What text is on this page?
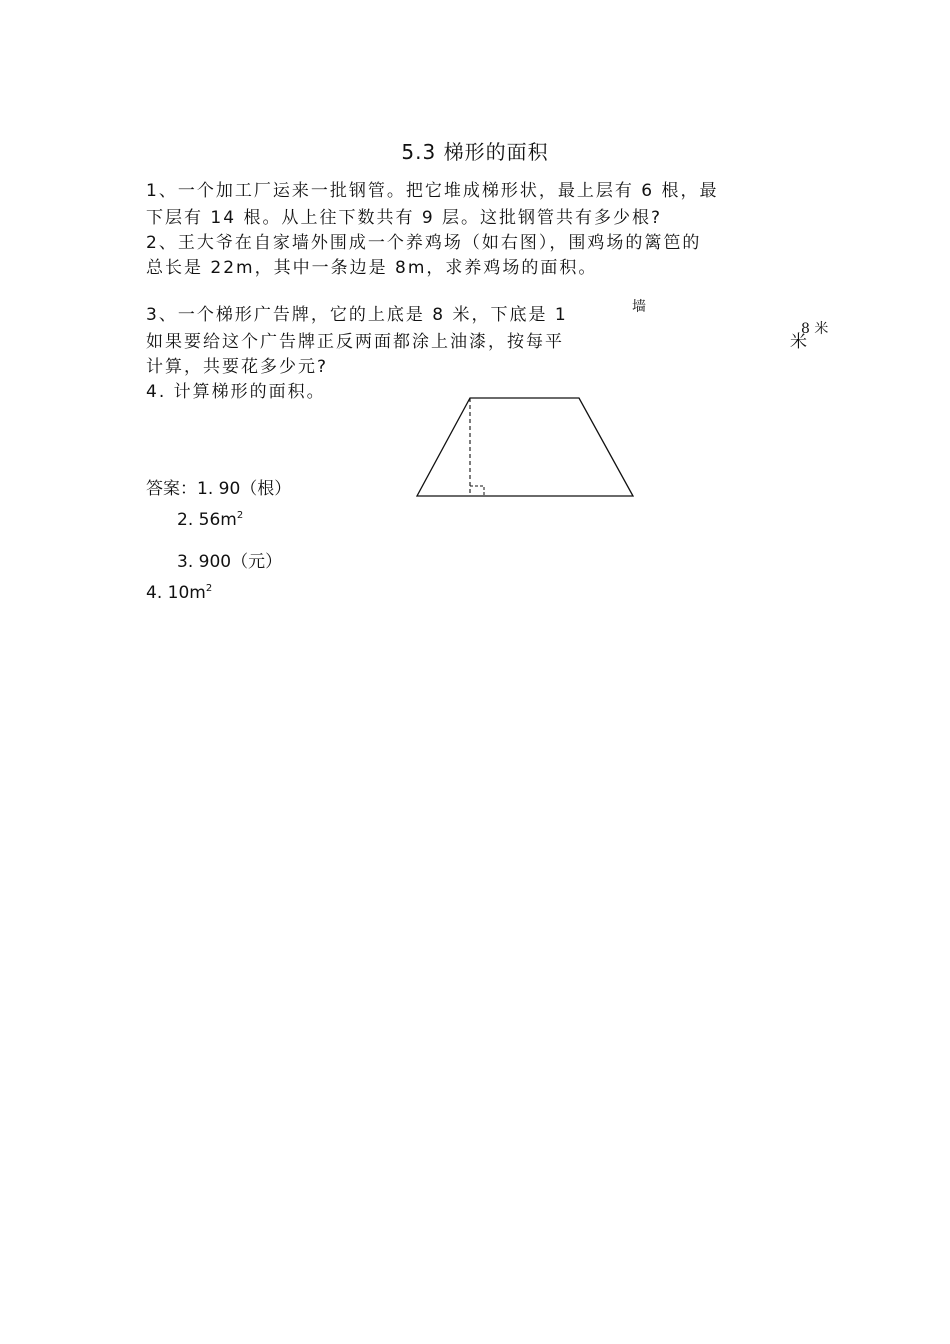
5.3 梯形的面积
1、一个加工厂运来一批钢管。把它堆成梯形状，最上层有 6 根，最
下层有 14 根。从上往下数共有 9 层。这批钢管共有多少根?
2、王大爷在自家墙外围成一个养鸡场（如右图），围鸡场的篱笆的
总长是 22m，其中一条边是 8m，求养鸡场的面积。
3、一个梯形广告牌，它的上底是 8 米，下底是 1	墙
如果要给这个广告牌正反两面都涂上油漆，按每平	米
8 米
计算，共要花多少元?
4. 计算梯形的面积。
答案：1. 90（根）
2. $56m^2$
3. 900（元）
4. $10m^2$
